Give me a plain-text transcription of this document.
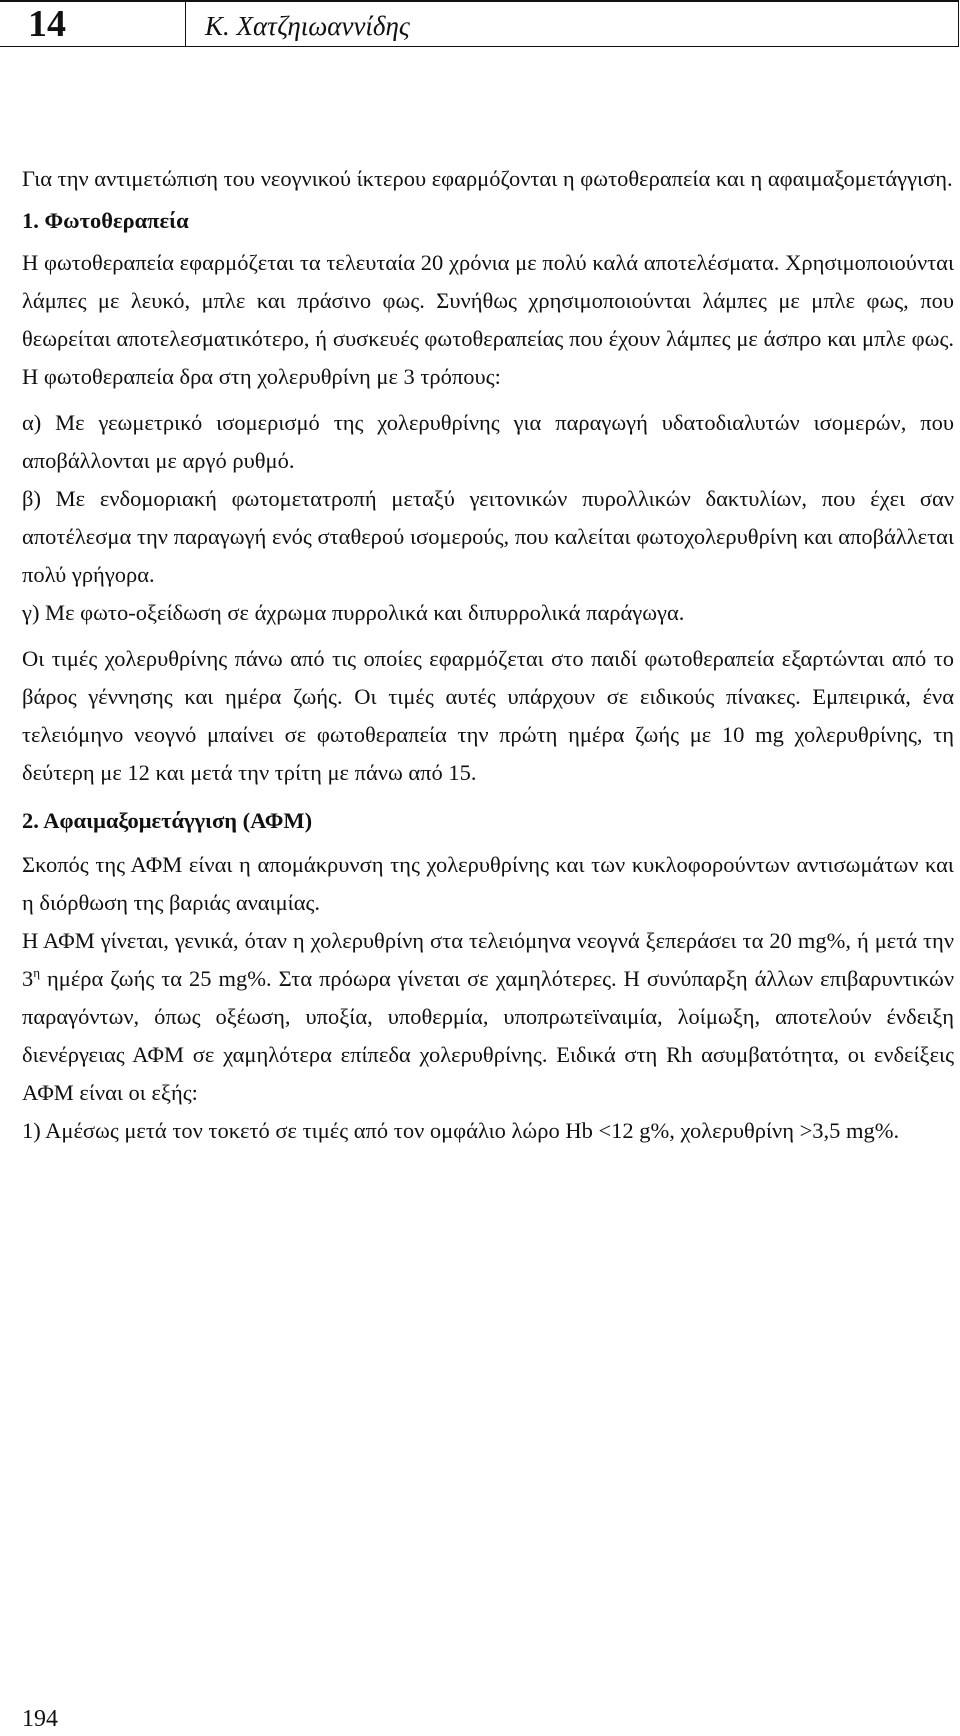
14	Κ. Χατζηιωαννίδης

Για την αντιμετώπιση του νεογνικού ίκτερου εφαρμόζονται η φωτοθεραπεία και η αφαιμαξομετάγγιση.

1. Φωτοθεραπεία

Η φωτοθεραπεία εφαρμόζεται τα τελευταία 20 χρόνια με πολύ καλά αποτελέσματα. Χρησιμοποιούνται λάμπες με λευκό, μπλε και πράσινο φως. Συνήθως χρησιμοποιούνται λάμπες με μπλε φως, που θεωρείται αποτελεσματικότερο, ή συσκευές φωτοθεραπείας που έχουν λάμπες με άσπρο και μπλε φως. Η φωτοθεραπεία δρα στη χολερυθρίνη με 3 τρόπους:

α) Με γεωμετρικό ισομερισμό της χολερυθρίνης για παραγωγή υδατοδιαλυτών ισομερών, που αποβάλλονται με αργό ρυθμό.

β) Με ενδομοριακή φωτομετατροπή μεταξύ γειτονικών πυρολλικών δακτυλίων, που έχει σαν αποτέλεσμα την παραγωγή ενός σταθερού ισομερούς, που καλείται φωτοχολερυθρίνη και αποβάλλεται πολύ γρήγορα.

γ) Με φωτο-οξείδωση σε άχρωμα πυρρολικά και διπυρρολικά παράγωγα.

Οι τιμές χολερυθρίνης πάνω από τις οποίες εφαρμόζεται στο παιδί φωτοθεραπεία εξαρτώνται από το βάρος γέννησης και ημέρα ζωής. Οι τιμές αυτές υπάρχουν σε ειδικούς πίνακες. Εμπειρικά, ένα τελειόμηνο νεογνό μπαίνει σε φωτοθεραπεία την πρώτη ημέρα ζωής με 10 mg χολερυθρίνης, τη δεύτερη με 12 και μετά την τρίτη με πάνω από 15.

2. Αφαιμαξομετάγγιση (ΑΦΜ)

Σκοπός της ΑΦΜ είναι η απομάκρυνση της χολερυθρίνης και των κυκλοφορούντων αντισωμάτων και η διόρθωση της βαριάς αναιμίας.

Η ΑΦΜ γίνεται, γενικά, όταν η χολερυθρίνη στα τελειόμηνα νεογνά ξεπεράσει τα 20 mg%, ή μετά την $3^\eta$ ημέρα ζωής τα 25 mg%. Στα πρόωρα γίνεται σε χαμηλότερες. Η συνύπαρξη άλλων επιβαρυντικών παραγόντων, όπως οξέωση, υποξία, υποθερμία, υποπρωτεϊναιμία, λοίμωξη, αποτελούν ένδειξη διενέργειας ΑΦΜ σε χαμηλότερα επίπεδα χολερυθρίνης. Ειδικά στη Rh ασυμβατότητα, οι ενδείξεις ΑΦΜ είναι οι εξής:

1) Αμέσως μετά τον τοκετό σε τιμές από τον ομφάλιο λώρο Hb <12 g%, χολερυθρίνη >3,5 mg%.

194
